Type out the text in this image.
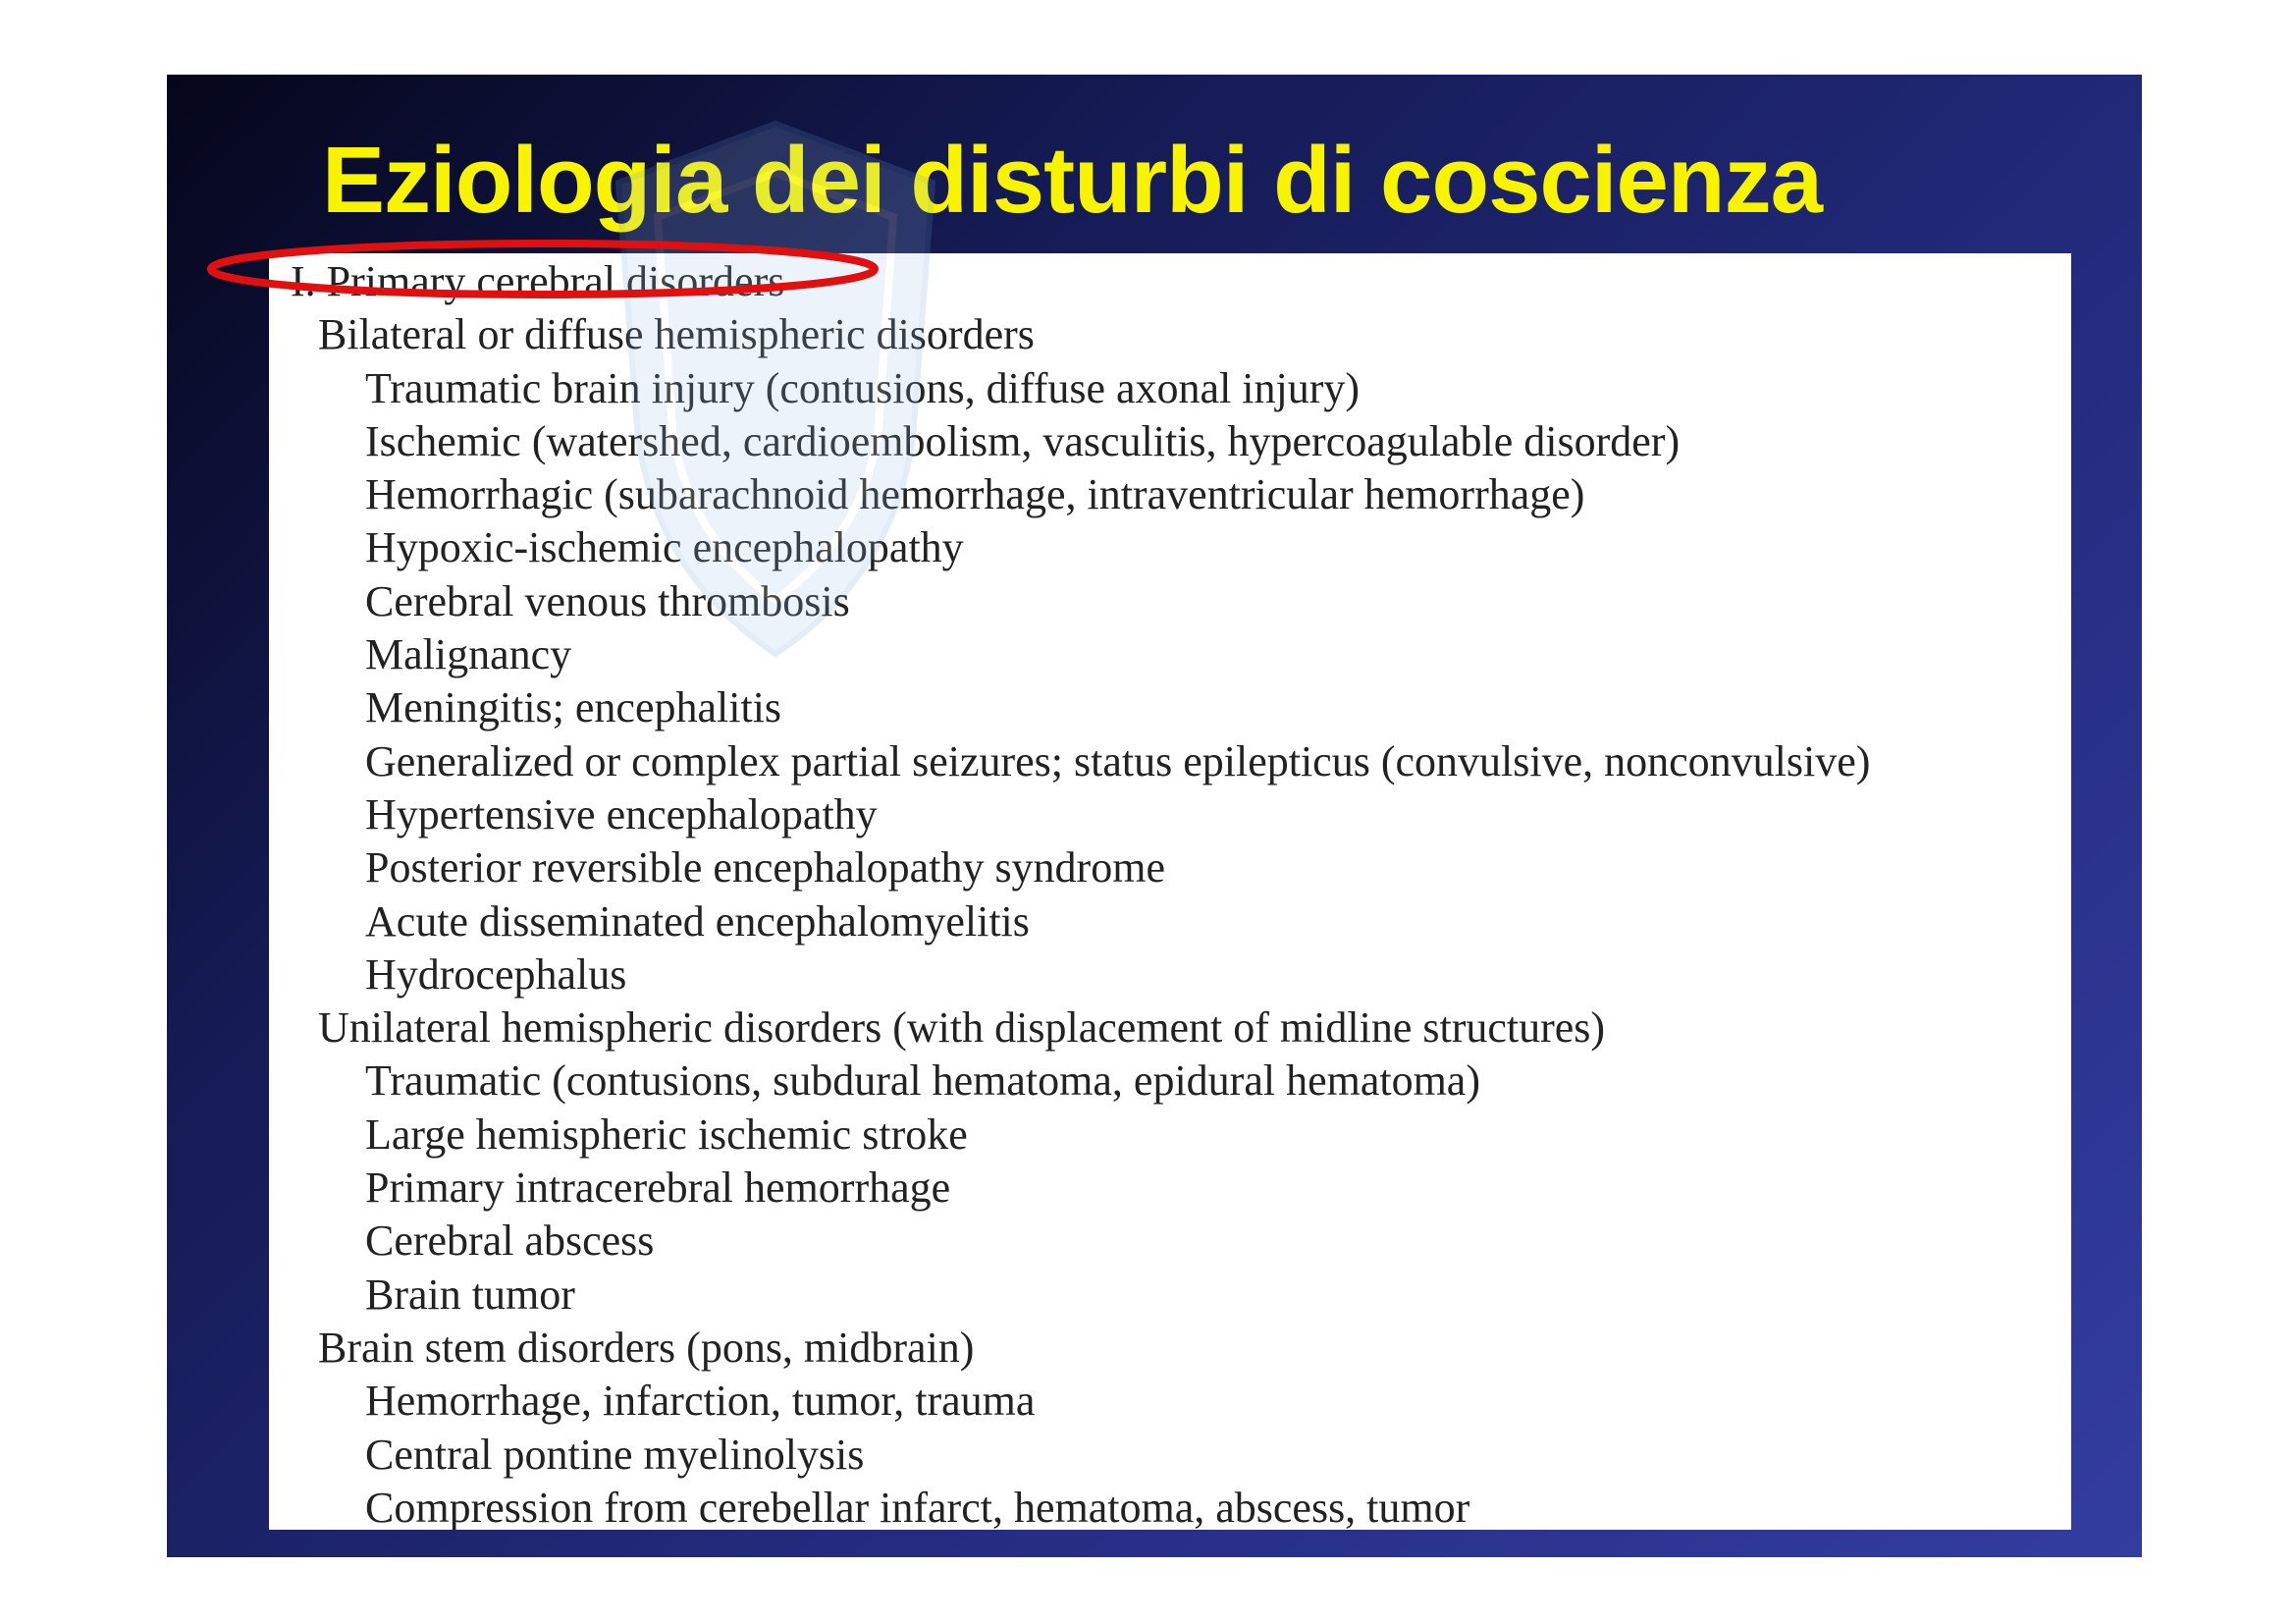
Eziologia dei disturbi di coscienza
I. Primary cerebral disorders
Bilateral or diffuse hemispheric disorders
Traumatic brain injury (contusions, diffuse axonal injury)
Ischemic (watershed, cardioembolism, vasculitis, hypercoagulable disorder)
Hemorrhagic (subarachnoid hemorrhage, intraventricular hemorrhage)
Hypoxic-ischemic encephalopathy
Cerebral venous thrombosis
Malignancy
Meningitis; encephalitis
Generalized or complex partial seizures; status epilepticus (convulsive, nonconvulsive)
Hypertensive encephalopathy
Posterior reversible encephalopathy syndrome
Acute disseminated encephalomyelitis
Hydrocephalus
Unilateral hemispheric disorders (with displacement of midline structures)
Traumatic (contusions, subdural hematoma, epidural hematoma)
Large hemispheric ischemic stroke
Primary intracerebral hemorrhage
Cerebral abscess
Brain tumor
Brain stem disorders (pons, midbrain)
Hemorrhage, infarction, tumor, trauma
Central pontine myelinolysis
Compression from cerebellar infarct, hematoma, abscess, tumor
